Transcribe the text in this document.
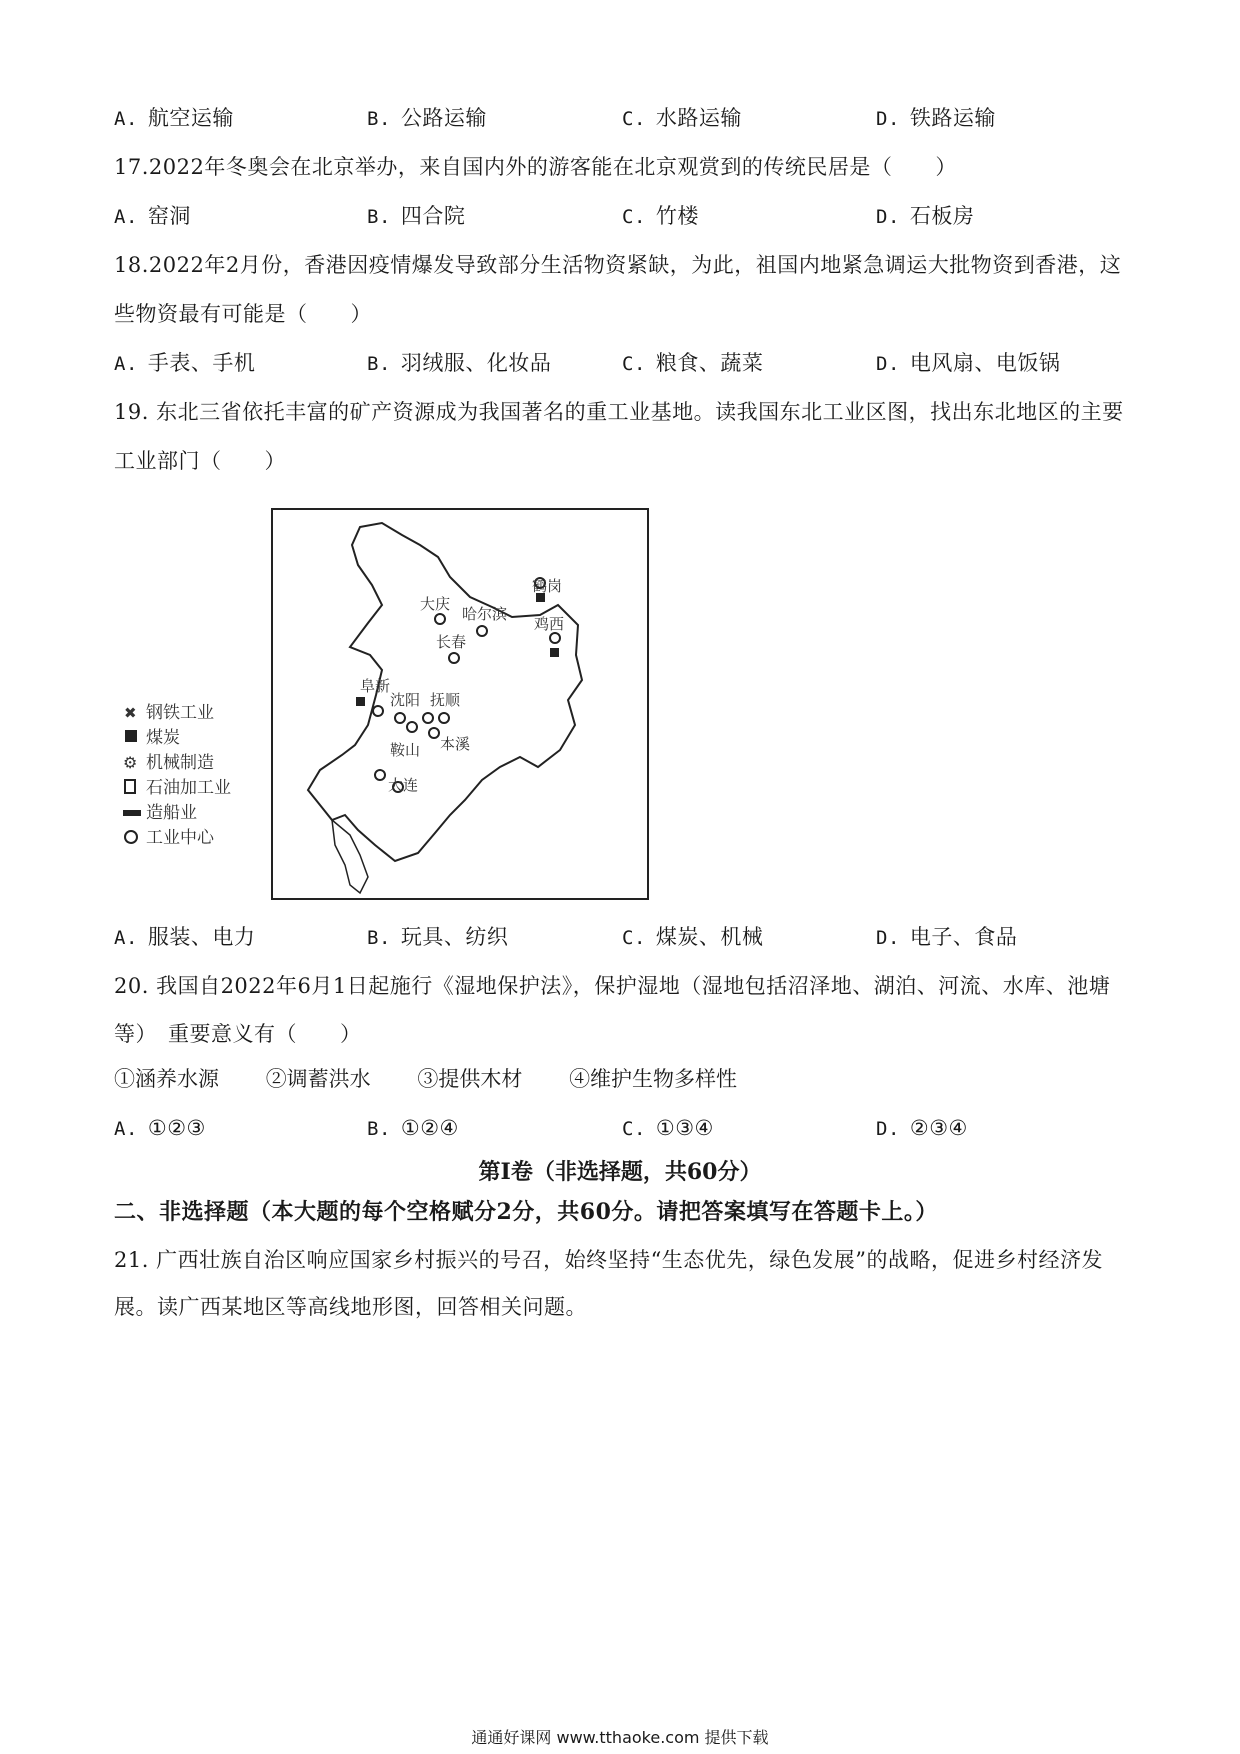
A. 航空运输	B. 公路运输	C. 水路运输	D. 铁路运输
17.2022年冬奥会在北京举办，来自国内外的游客能在北京观赏到的传统民居是（　　）
A. 窑洞	B. 四合院	C. 竹楼	D. 石板房
18.2022年2月份，香港因疫情爆发导致部分生活物资紧缺，为此，祖国内地紧急调运大批物资到香港，这
些物资最有可能是（　　）
A. 手表、手机	B. 羽绒服、化妆品	C. 粮食、蔬菜	D. 电风扇、电饭锅
19. 东北三省依托丰富的矿产资源成为我国著名的重工业基地。读我国东北工业区图，找出东北地区的主要
工业部门（　　）
鹤岗
大庆
哈尔滨
鸡西
长春
阜新
沈阳 抚顺
本溪
鞍山
大连
✖ 钢铁工业
煤炭
⚙ 机械制造
石油加工业
造船业
工业中心
A. 服装、电力	B. 玩具、纺织	C. 煤炭、机械	D. 电子、食品
20. 我国自2022年6月1日起施行《湿地保护法》，保护湿地（湿地包括沼泽地、湖泊、河流、水库、池塘
等）　重要意义有（　　）
①涵养水源 ②调蓄洪水 ③提供木材 ④维护生物多样性
A. ①②③	B. ①②④	C. ①③④	D. ②③④
第Ⅰ卷（非选择题，共60分）
二、非选择题（本大题的每个空格赋分2分，共60分。请把答案填写在答题卡上。）
21. 广西壮族自治区响应国家乡村振兴的号召，始终坚持“生态优先，绿色发展”的战略，促进乡村经济发
展。读广西某地区等高线地形图，回答相关问题。
通通好课网 www.tthaoke.com 提供下载
